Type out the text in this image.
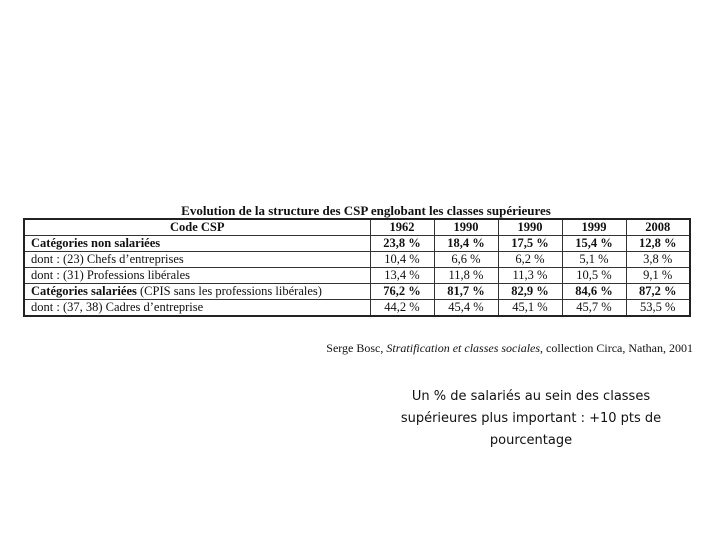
Evolution de la structure des CSP englobant les classes supérieures
Code CSP	1962	1990	1990	1999	2008
Catégories non salariées	23,8 %	18,4 %	17,5 %	15,4 %	12,8 %
dont : (23) Chefs d’entreprises	10,4 %	6,6 %	6,2 %	5,1 %	3,8 %
dont : (31) Professions libérales	13,4 %	11,8 %	11,3 %	10,5 %	9,1 %
Catégories salariées (CPIS sans les professions libérales)	76,2 %	81,7 %	82,9 %	84,6 %	87,2 %
dont : (37, 38) Cadres d’entreprise	44,2 %	45,4 %	45,1 %	45,7 %	53,5 %
Serge Bosc, Stratification et classes sociales, collection Circa, Nathan, 2001
Un % de salariés au sein des classes supérieures plus important : +10 pts de pourcentage
